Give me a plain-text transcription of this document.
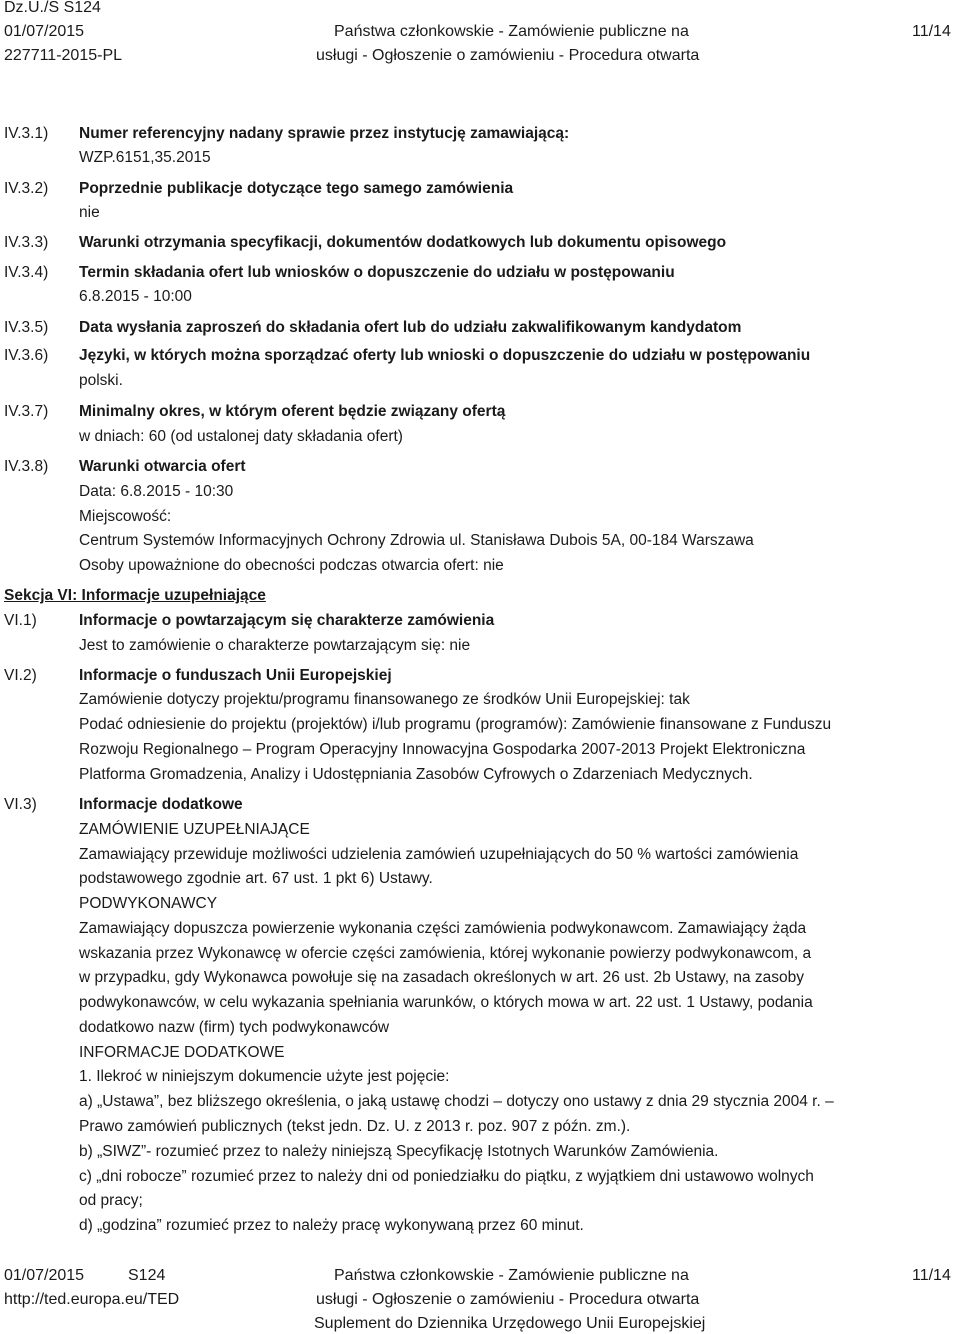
Dz.U./S S124
01/07/2015
227711-2015-PL
Państwa członkowskie - Zamówienie publiczne na
usługi - Ogłoszenie o zamówieniu - Procedura otwarta
11/14
IV.3.1) Numer referencyjny nadany sprawie przez instytucję zamawiającą:
WZP.6151,35.2015
IV.3.2) Poprzednie publikacje dotyczące tego samego zamówienia
nie
IV.3.3) Warunki otrzymania specyfikacji, dokumentów dodatkowych lub dokumentu opisowego
IV.3.4) Termin składania ofert lub wniosków o dopuszczenie do udziału w postępowaniu
6.8.2015 - 10:00
IV.3.5) Data wysłania zaproszeń do składania ofert lub do udziału zakwalifikowanym kandydatom
IV.3.6) Języki, w których można sporządzać oferty lub wnioski o dopuszczenie do udziału w postępowaniu
polski.
IV.3.7) Minimalny okres, w którym oferent będzie związany ofertą
w dniach: 60 (od ustalonej daty składania ofert)
IV.3.8) Warunki otwarcia ofert
Data: 6.8.2015 - 10:30
Miejscowość:
Centrum Systemów Informacyjnych Ochrony Zdrowia ul. Stanisława Dubois 5A, 00-184 Warszawa
Osoby upoważnione do obecności podczas otwarcia ofert: nie
Sekcja VI: Informacje uzupełniające
VI.1)	Informacje o powtarzającym się charakterze zamówienia
Jest to zamówienie o charakterze powtarzającym się: nie
VI.2)	Informacje o funduszach Unii Europejskiej
Zamówienie dotyczy projektu/programu finansowanego ze środków Unii Europejskiej: tak
Podać odniesienie do projektu (projektów) i/lub programu (programów): Zamówienie finansowane z Funduszu
Rozwoju Regionalnego – Program Operacyjny Innowacyjna Gospodarka 2007-2013 Projekt Elektroniczna
Platforma Gromadzenia, Analizy i Udostępniania Zasobów Cyfrowych o Zdarzeniach Medycznych.
VI.3)	Informacje dodatkowe
ZAMÓWIENIE UZUPEŁNIAJĄCE
Zamawiający przewiduje możliwości udzielenia zamówień uzupełniających do 50 % wartości zamówienia
podstawowego zgodnie art. 67 ust. 1 pkt 6) Ustawy.
PODWYKONAWCY
Zamawiający dopuszcza powierzenie wykonania części zamówienia podwykonawcom. Zamawiający żąda
wskazania przez Wykonawcę w ofercie części zamówienia, której wykonanie powierzy podwykonawcom, a
w przypadku, gdy Wykonawca powołuje się na zasadach określonych w art. 26 ust. 2b Ustawy, na zasoby
podwykonawców, w celu wykazania spełniania warunków, o których mowa w art. 22 ust. 1 Ustawy, podania
dodatkowo nazw (firm) tych podwykonawców
INFORMACJE DODATKOWE
1. Ilekroć w niniejszym dokumencie użyte jest pojęcie:
a) „Ustawa”, bez bliższego określenia, o jaką ustawę chodzi – dotyczy ono ustawy z dnia 29 stycznia 2004 r. –
Prawo zamówień publicznych (tekst jedn. Dz. U. z 2013 r. poz. 907 z późn. zm.).
b) „SIWZ”- rozumieć przez to należy niniejszą Specyfikację Istotnych Warunków Zamówienia.
c) „dni robocze” rozumieć przez to należy dni od poniedziałku do piątku, z wyjątkiem dni ustawowo wolnych
od pracy;
d) „godzina” rozumieć przez to należy pracę wykonywaną przez 60 minut.
01/07/2015	S124
http://ted.europa.eu/TED
Państwa członkowskie - Zamówienie publiczne na
usługi - Ogłoszenie o zamówieniu - Procedura otwarta
Suplement do Dziennika Urzędowego Unii Europejskiej
11/14
